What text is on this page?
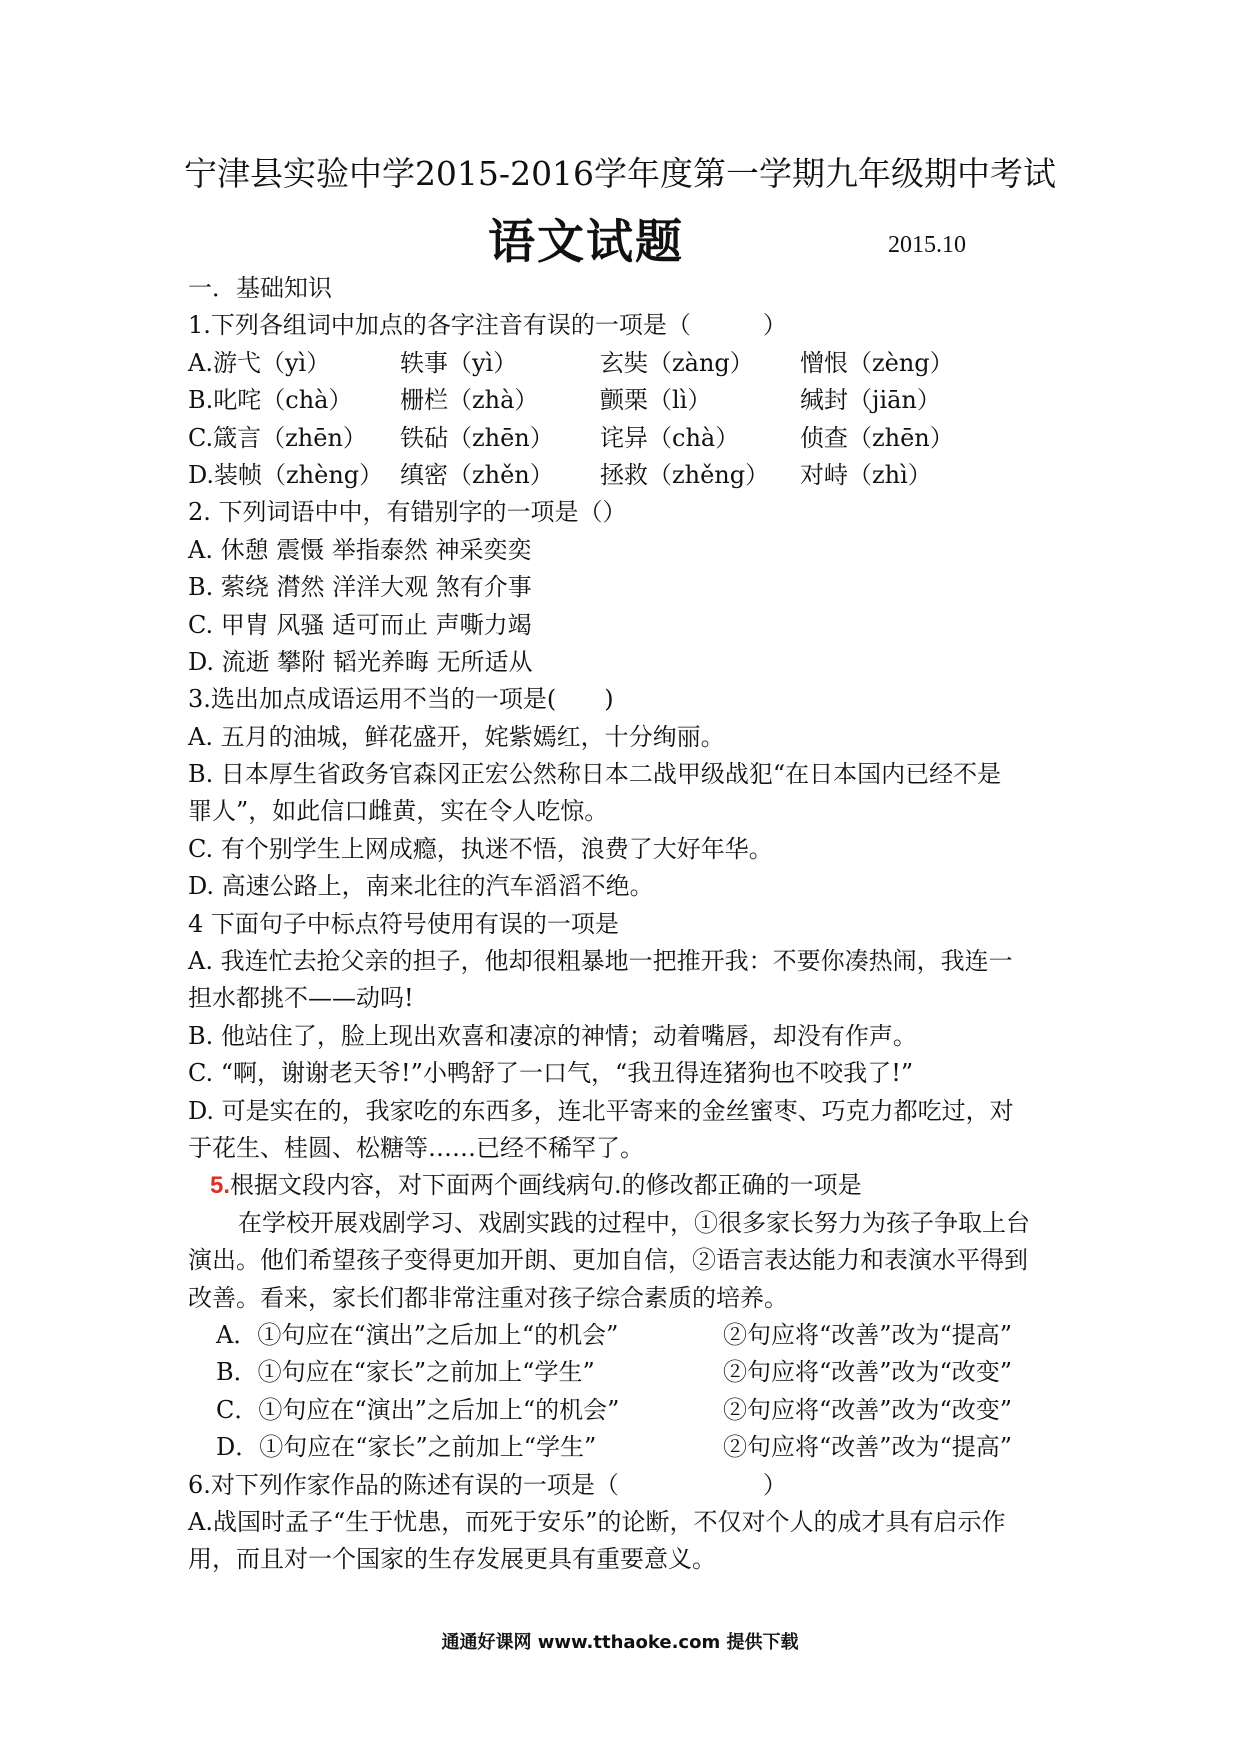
宁津县实验中学2015-2016学年度第一学期九年级期中考试
语文试题	2015.10
一．基础知识
1.下列各组词中加点的各字注音有误的一项是（　　　）
A.游弋（yì）	轶事（yì）	玄奘（zàng）	憎恨（zèng）
B.叱咤（chà）	栅栏（zhà）	颤栗（lì）	缄封（jiān）
C.箴言（zhēn）	铁砧（zhēn）	诧异（chà）	侦查（zhēn）
D.装帧（zhèng） 缜密（zhěn）	拯救（zhěng）	对峙（zhì）
2. 下列词语中中，有错别字的一项是（）
A. 休憩 震慑 举指泰然 神采奕奕
B. 萦绕 潸然 洋洋大观 煞有介事
C. 甲胄 风骚 适可而止 声嘶力竭
D. 流逝 攀附 韬光养晦 无所适从
3.选出加点成语运用不当的一项是(　　)
A. 五月的油城，鲜花盛开，姹紫嫣红，十分绚丽。
B. 日本厚生省政务官森冈正宏公然称日本二战甲级战犯“在日本国内已经不是
罪人”，如此信口雌黄，实在令人吃惊。
C. 有个别学生上网成瘾，执迷不悟，浪费了大好年华。
D. 高速公路上，南来北往的汽车滔滔不绝。
4 下面句子中标点符号使用有误的一项是
A. 我连忙去抢父亲的担子，他却很粗暴地一把推开我：不要你凑热闹，我连一
担水都挑不——动吗!
B. 他站住了，脸上现出欢喜和凄凉的神情；动着嘴唇，却没有作声。
C. “啊，谢谢老天爷!”小鸭舒了一口气，“我丑得连猪狗也不咬我了!”
D. 可是实在的，我家吃的东西多，连北平寄来的金丝蜜枣、巧克力都吃过，对
于花生、桂圆、松糖等……已经不稀罕了。
5.根据文段内容，对下面两个画线病句.的修改都正确的一项是
在学校开展戏剧学习、戏剧实践的过程中，①很多家长努力为孩子争取上台
演出。他们希望孩子变得更加开朗、更加自信，②语言表达能力和表演水平得到
改善。看来，家长们都非常注重对孩子综合素质的培养。
A．①句应在“演出”之后加上“的机会”	②句应将“改善”改为“提高”
B．①句应在“家长”之前加上“学生”	②句应将“改善”改为“改变”
C．①句应在“演出”之后加上“的机会”	②句应将“改善”改为“改变”
D．①句应在“家长”之前加上“学生”	②句应将“改善”改为“提高”
6.对下列作家作品的陈述有误的一项是（　　　　　　）
A.战国时孟子“生于忧患，而死于安乐”的论断，不仅对个人的成才具有启示作
用，而且对一个国家的生存发展更具有重要意义。
通通好课网 www.tthaoke.com 提供下载
